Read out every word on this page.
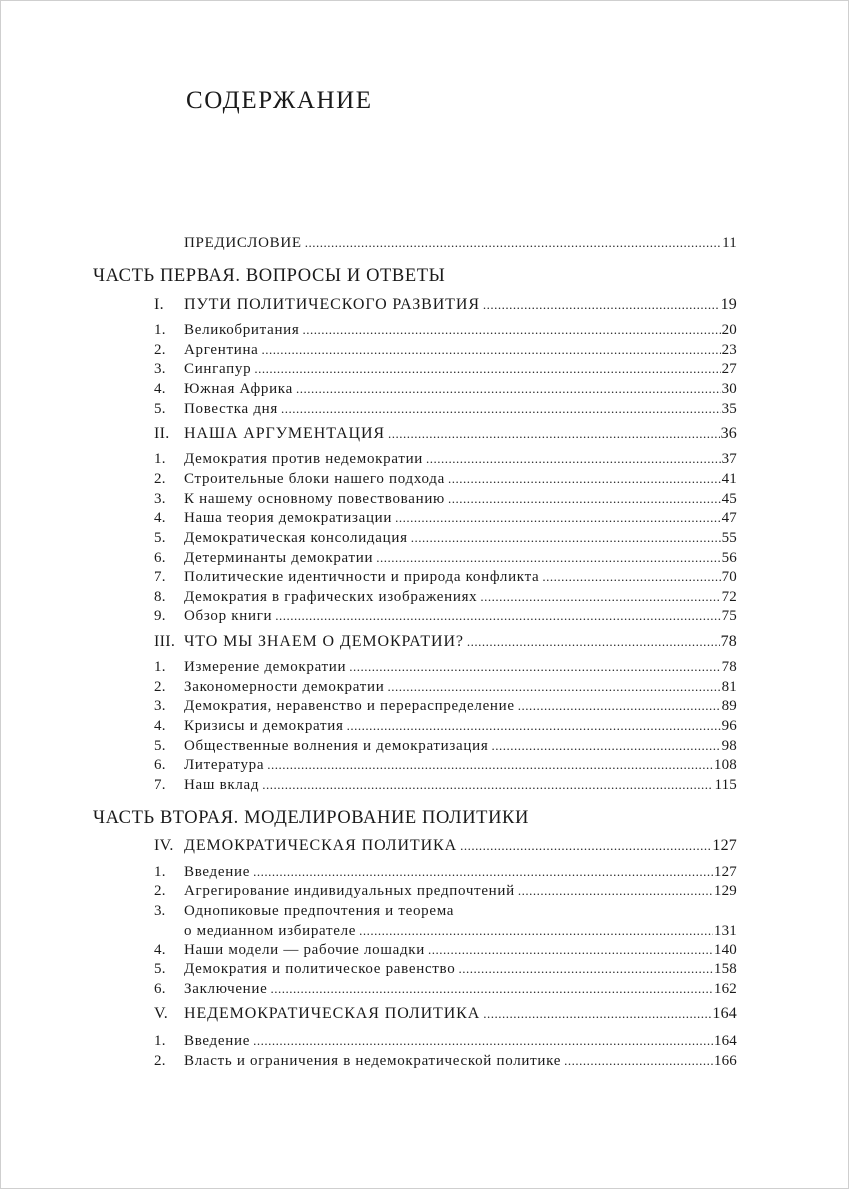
СОДЕРЖАНИЕ
ПРЕДИСЛОВИЕ .....	11
ЧАСТЬ ПЕРВАЯ. ВОПРОСЫ И ОТВЕТЫ
I.	ПУТИ ПОЛИТИЧЕСКОГО РАЗВИТИЯ .....	19
1.	Великобритания .....	20
2.	Аргентина .....	23
3.	Сингапур .....	27
4.	Южная Африка .....	30
5.	Повестка дня .....	35
II. НАША АРГУМЕНТАЦИЯ .....	36
1.	Демократия против недемократии .....	37
2.	Строительные блоки нашего подхода .....	41
3.	К нашему основному повествованию .....	45
4.	Наша теория демократизации .....	47
5.	Демократическая консолидация .....	55
6.	Детерминанты демократии .....	56
7.	Политические идентичности и природа конфликта .....	70
8.	Демократия в графических изображениях .....	72
9.	Обзор книги .....	75
III. ЧТО МЫ ЗНАЕМ О ДЕМОКРАТИИ? .....	78
1.	Измерение демократии .....	78
2.	Закономерности демократии .....	81
3.	Демократия, неравенство и перераспределение .....	89
4.	Кризисы и демократия .....	96
5.	Общественные волнения и демократизация .....	98
6.	Литература .....	108
7.	Наш вклад .....	115
ЧАСТЬ ВТОРАЯ. МОДЕЛИРОВАНИЕ ПОЛИТИКИ
IV. ДЕМОКРАТИЧЕСКАЯ ПОЛИТИКА .....	127
1.	Введение .....	127
2.	Агрегирование индивидуальных предпочтений .....	129
3.	Однопиковые предпочтения и теорема
о медианном избирателе .....	131
4.	Наши модели — рабочие лошадки .....	140
5.	Демократия и политическое равенство .....	158
6.	Заключение .....	162
V. НЕДЕМОКРАТИЧЕСКАЯ ПОЛИТИКА .....	164
1.	Введение .....	164
2.	Власть и ограничения в недемократической политике .....	166
